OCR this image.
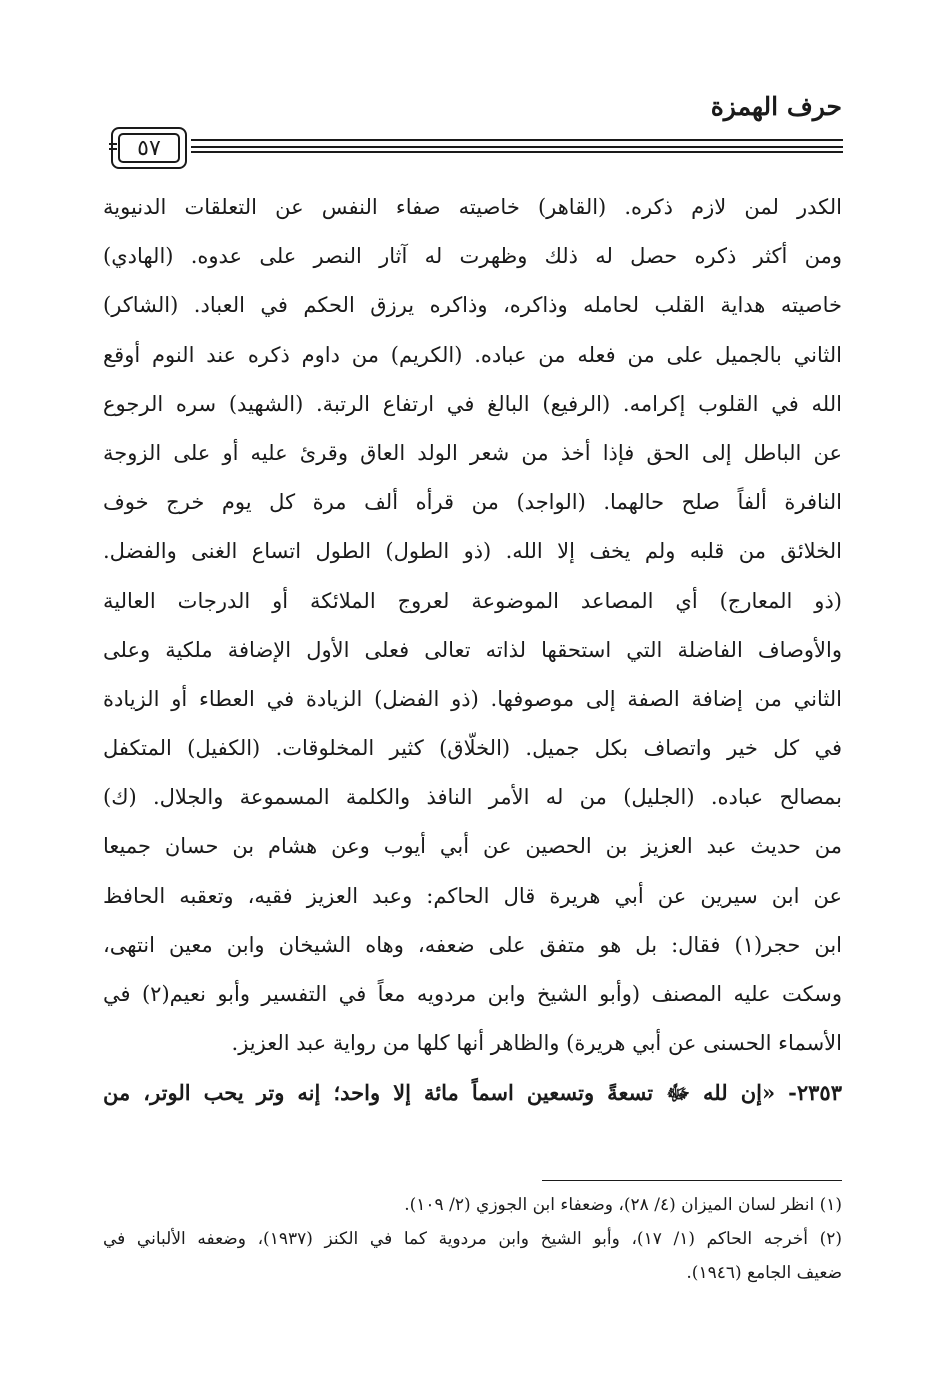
حرف الهمزة
٥٧
الكدر لمن لازم ذكره. (القاهر) خاصيته صفاء النفس عن التعلقات الدنيوية
ومن أكثر ذكره حصل له ذلك وظهرت له آثار النصر على عدوه. (الهادي)
خاصيته هداية القلب لحامله وذاكره، وذاكره يرزق الحكم في العباد. (الشاكر)
الثاني بالجميل على من فعله من عباده. (الكريم) من داوم ذكره عند النوم أوقع
الله في القلوب إكرامه. (الرفيع) البالغ في ارتفاع الرتبة. (الشهيد) سره الرجوع
عن الباطل إلى الحق فإذا أخذ من شعر الولد العاق وقرئ عليه أو على الزوجة
النافرة ألفاً صلح حالهما. (الواجد) من قرأه ألف مرة كل يوم خرج خوف
الخلائق من قلبه ولم يخف إلا الله. (ذو الطول) الطول اتساع الغنى والفضل.
(ذو المعارج) أي المصاعد الموضوعة لعروج الملائكة أو الدرجات العالية
والأوصاف الفاضلة التي استحقها لذاته تعالى فعلى الأول الإضافة ملكية وعلى
الثاني من إضافة الصفة إلى موصوفها. (ذو الفضل) الزيادة في العطاء أو الزيادة
في كل خير واتصاف بكل جميل. (الخلّاق) كثير المخلوقات. (الكفيل) المتكفل
بمصالح عباده. (الجليل) من له الأمر النافذ والكلمة المسموعة والجلال. (ك)
من حديث عبد العزيز بن الحصين عن أبي أيوب وعن هشام بن حسان جميعا
عن ابن سيرين عن أبي هريرة قال الحاكم: وعبد العزيز فقيه، وتعقبه الحافظ
ابن حجر(١) فقال: بل هو متفق على ضعفه، وهاه الشيخان وابن معين انتهى،
وسكت عليه المصنف (وأبو الشيخ وابن مردويه معاً في التفسير وأبو نعيم(٢) في
الأسماء الحسنى عن أبي هريرة) والظاهر أنها كلها من رواية عبد العزيز.
٢٣٥٣- «إن لله ﷻ تسعةً وتسعين اسماً مائة إلا واحد؛ إنه وتر يحب الوتر، من
(١) انظر لسان الميزان (٤/ ٢٨)، وضعفاء ابن الجوزي (٢/ ١٠٩).
(٢) أخرجه الحاكم (١/ ١٧)، وأبو الشيخ وابن مردوية كما في الكنز (١٩٣٧)، وضعفه الألباني في
ضعيف الجامع (١٩٤٦).
